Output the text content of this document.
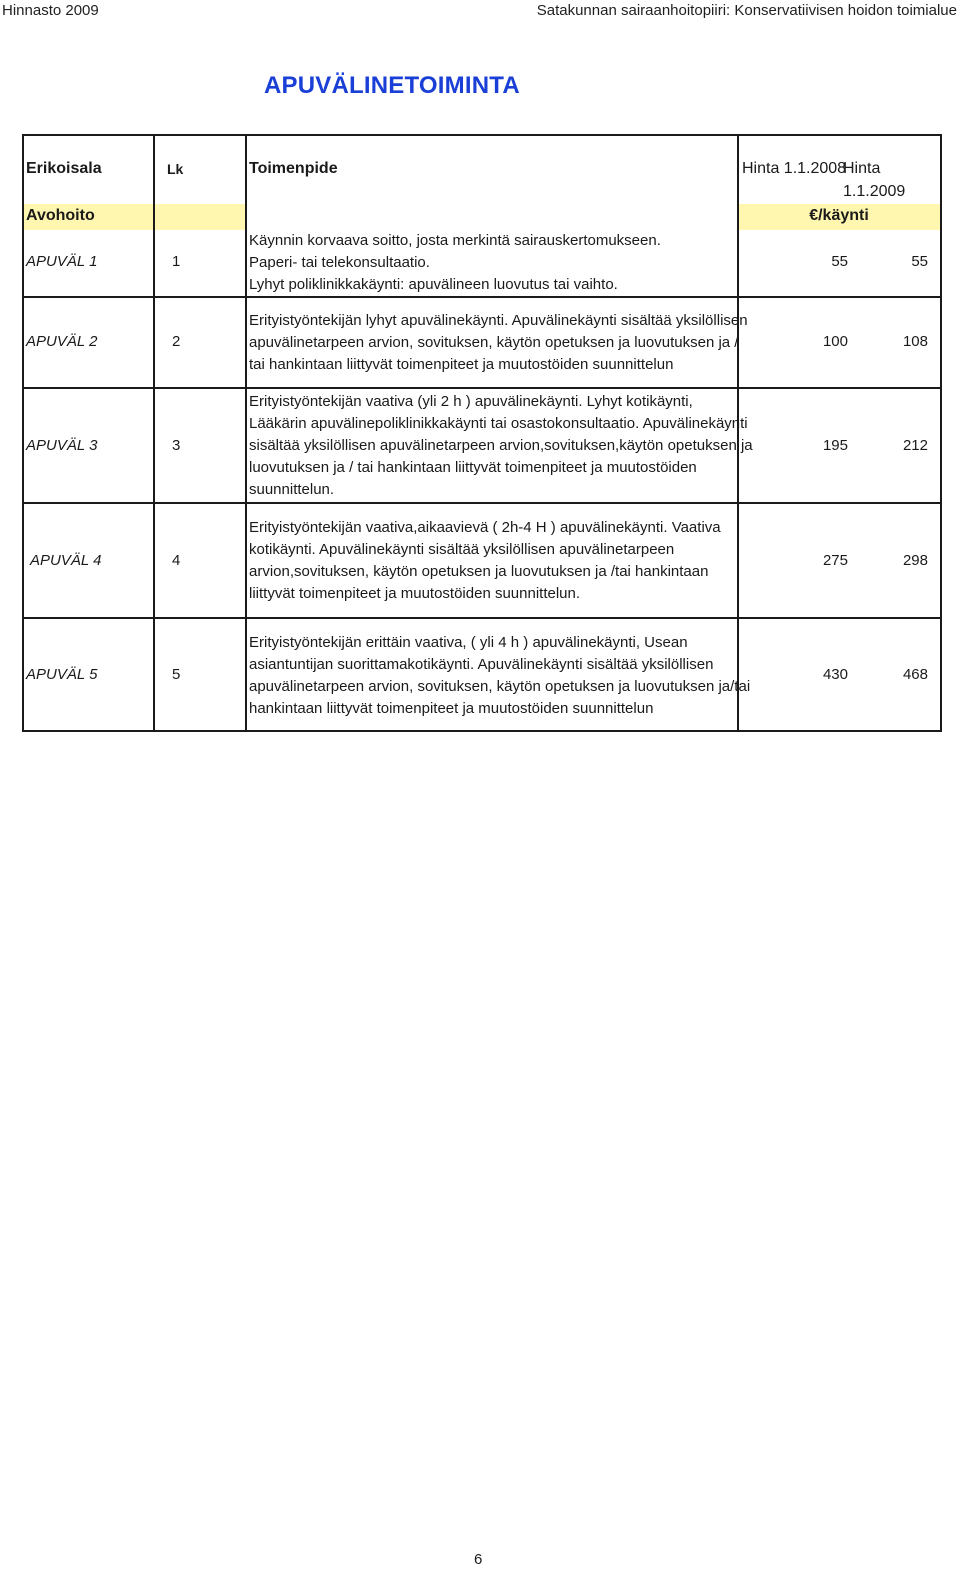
Hinnasto 2009	Satakunnan sairaanhoitopiiri: Konservatiivisen hoidon toimialue
APUVÄLINETOIMINTA
Erikoisala	Lk	Toimenpide	Hinta 1.1.2008
Hinta 1.1.2009
Avohoito	€/käynti
APUVÄL 1	1
Käynnin korvaava soitto, josta merkintä sairauskertomukseen.
Paperi- tai telekonsultaatio.
Lyhyt poliklinikkakäynti: apuvälineen luovutus tai vaihto.
55	55
APUVÄL 2	2
Erityistyöntekijän lyhyt apuvälinekäynti. Apuvälinekäynti sisältää yksilöllisen
apuvälinetarpeen arvion, sovituksen, käytön opetuksen ja luovutuksen ja /
tai hankintaan liittyvät toimenpiteet ja muutostöiden suunnittelun
100	108
APUVÄL 3	3
Erityistyöntekijän vaativa (yli 2 h ) apuvälinekäynti. Lyhyt kotikäynti,
Lääkärin apuvälinepoliklinikkakäynti tai osastokonsultaatio. Apuvälinekäynti
sisältää yksilöllisen apuvälinetarpeen arvion,sovituksen,käytön opetuksen ja
luovutuksen ja / tai hankintaan liittyvät toimenpiteet ja muutostöiden
suunnittelun.
195	212
APUVÄL 4	4
Erityistyöntekijän vaativa,aikaavievä ( 2h-4 H ) apuvälinekäynti. Vaativa
kotikäynti. Apuvälinekäynti sisältää yksilöllisen apuvälinetarpeen
arvion,sovituksen, käytön opetuksen ja luovutuksen ja /tai hankintaan
liittyvät toimenpiteet ja muutostöiden suunnittelun.
275	298
APUVÄL 5	5
Erityistyöntekijän erittäin vaativa, ( yli 4 h ) apuvälinekäynti, Usean
asiantuntijan suorittamakotikäynti. Apuvälinekäynti sisältää yksilöllisen
apuvälinetarpeen arvion, sovituksen, käytön opetuksen ja luovutuksen ja/tai
hankintaan liittyvät toimenpiteet ja muutostöiden suunnittelun
430	468
6
